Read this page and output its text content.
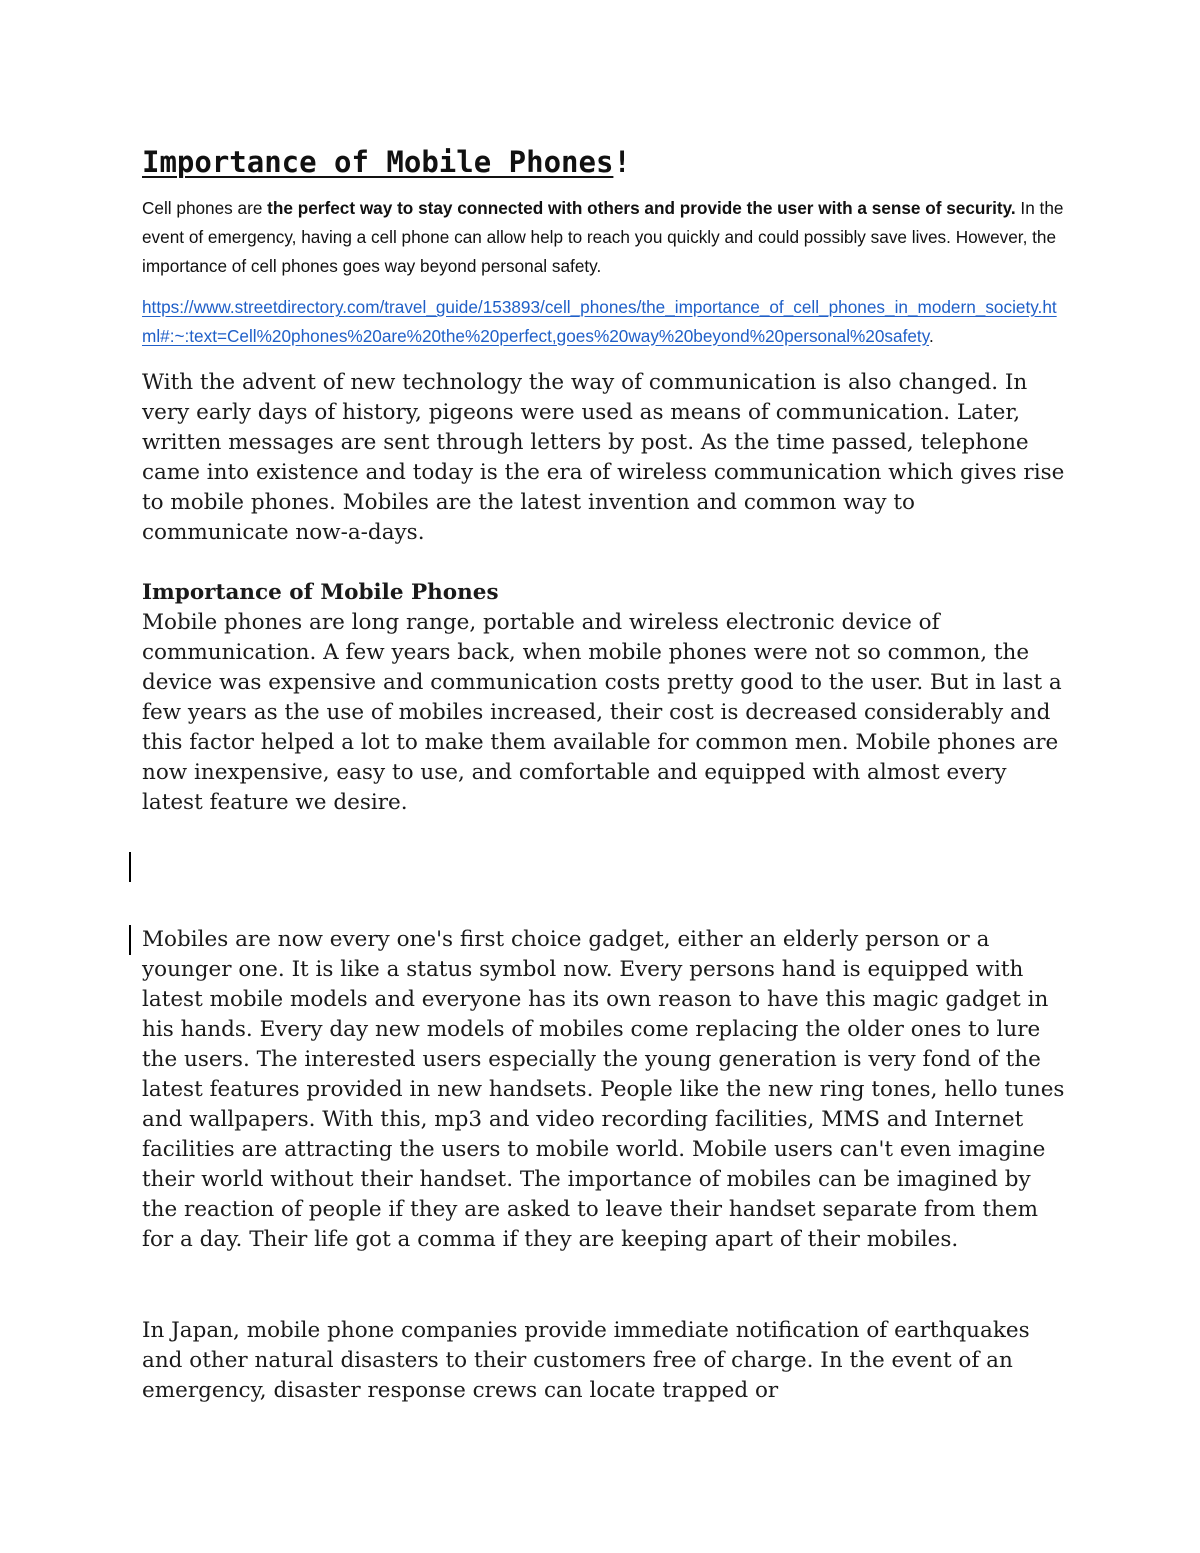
Importance of Mobile Phones!

Cell phones are the perfect way to stay connected with others and provide the user with a sense of security. In the event of emergency, having a cell phone can allow help to reach you quickly and could possibly save lives. However, the importance of cell phones goes way beyond personal safety.

https://www.streetdirectory.com/travel_guide/153893/cell_phones/the_importance_of_cell_phones_in_modern_society.html#:~:text=Cell%20phones%20are%20the%20perfect,goes%20way%20beyond%20personal%20safety.

With the advent of new technology the way of communication is also changed. In very early days of history, pigeons were used as means of communication. Later, written messages are sent through letters by post. As the time passed, telephone came into existence and today is the era of wireless communication which gives rise to mobile phones. Mobiles are the latest invention and common way to communicate now-a-days.

Importance of Mobile Phones

Mobile phones are long range, portable and wireless electronic device of communication. A few years back, when mobile phones were not so common, the device was expensive and communication costs pretty good to the user. But in last a few years as the use of mobiles increased, their cost is decreased considerably and this factor helped a lot to make them available for common men. Mobile phones are now inexpensive, easy to use, and comfortable and equipped with almost every latest feature we desire.

Mobiles are now every one's first choice gadget, either an elderly person or a younger one. It is like a status symbol now. Every persons hand is equipped with latest mobile models and everyone has its own reason to have this magic gadget in his hands. Every day new models of mobiles come replacing the older ones to lure the users. The interested users especially the young generation is very fond of the latest features provided in new handsets. People like the new ring tones, hello tunes and wallpapers. With this, mp3 and video recording facilities, MMS and Internet facilities are attracting the users to mobile world. Mobile users can't even imagine their world without their handset. The importance of mobiles can be imagined by the reaction of people if they are asked to leave their handset separate from them for a day. Their life got a comma if they are keeping apart of their mobiles.

In Japan, mobile phone companies provide immediate notification of earthquakes and other natural disasters to their customers free of charge. In the event of an emergency, disaster response crews can locate trapped or
